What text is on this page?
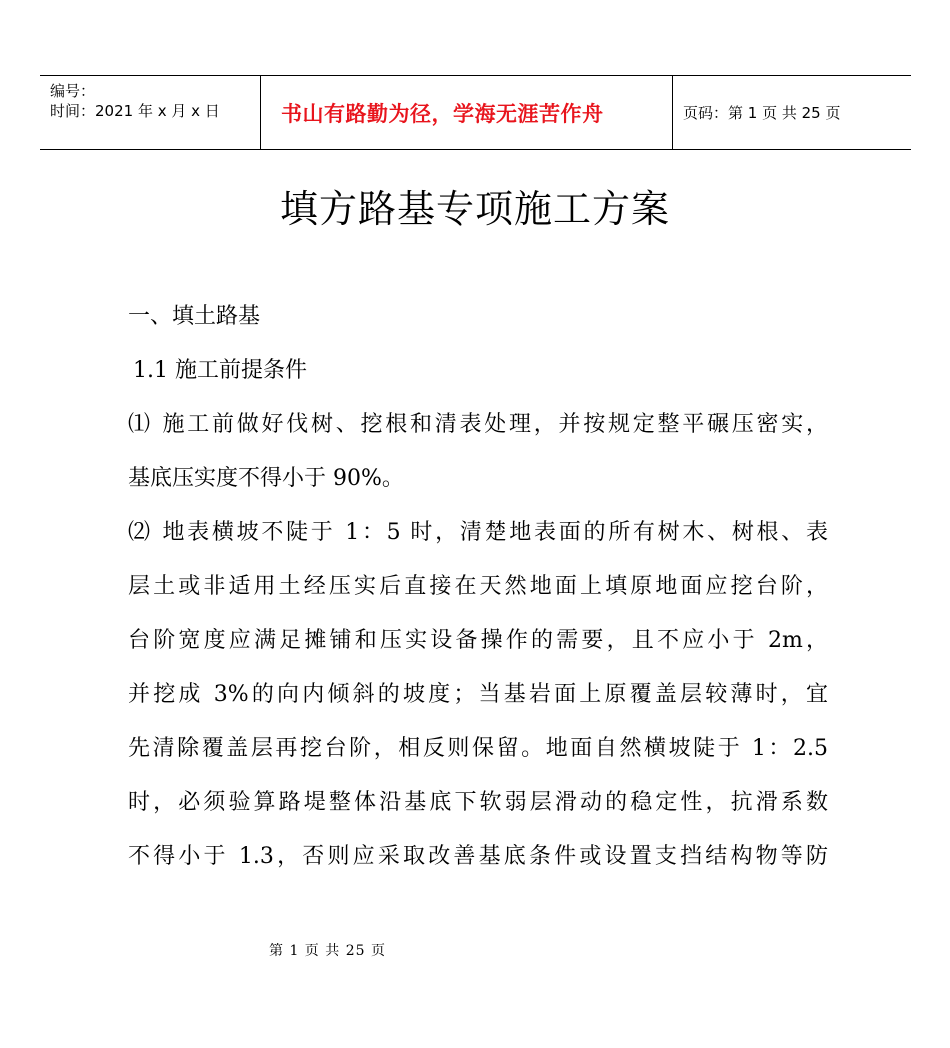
编号：
时间：2021 年 x 月 x 日	书山有路勤为径，学海无涯苦作舟	页码：第 1 页 共 25 页
填方路基专项施工方案
一、填土路基
1.1 施工前提条件
⑴ 施工前做好伐树、挖根和清表处理，并按规定整平碾压密实，
基底压实度不得小于 90%。
⑵ 地表横坡不陡于 1：5 时，清楚地表面的所有树木、树根、表
层土或非适用土经压实后直接在天然地面上填原地面应挖台阶，
台阶宽度应满足摊铺和压实设备操作的需要，且不应小于 2m，
并挖成 3%的向内倾斜的坡度；当基岩面上原覆盖层较薄时，宜
先清除覆盖层再挖台阶，相反则保留。地面自然横坡陡于 1：2.5
时，必须验算路堤整体沿基底下软弱层滑动的稳定性，抗滑系数
不得小于 1.3，否则应采取改善基底条件或设置支挡结构物等防
第 1 页 共 25 页
